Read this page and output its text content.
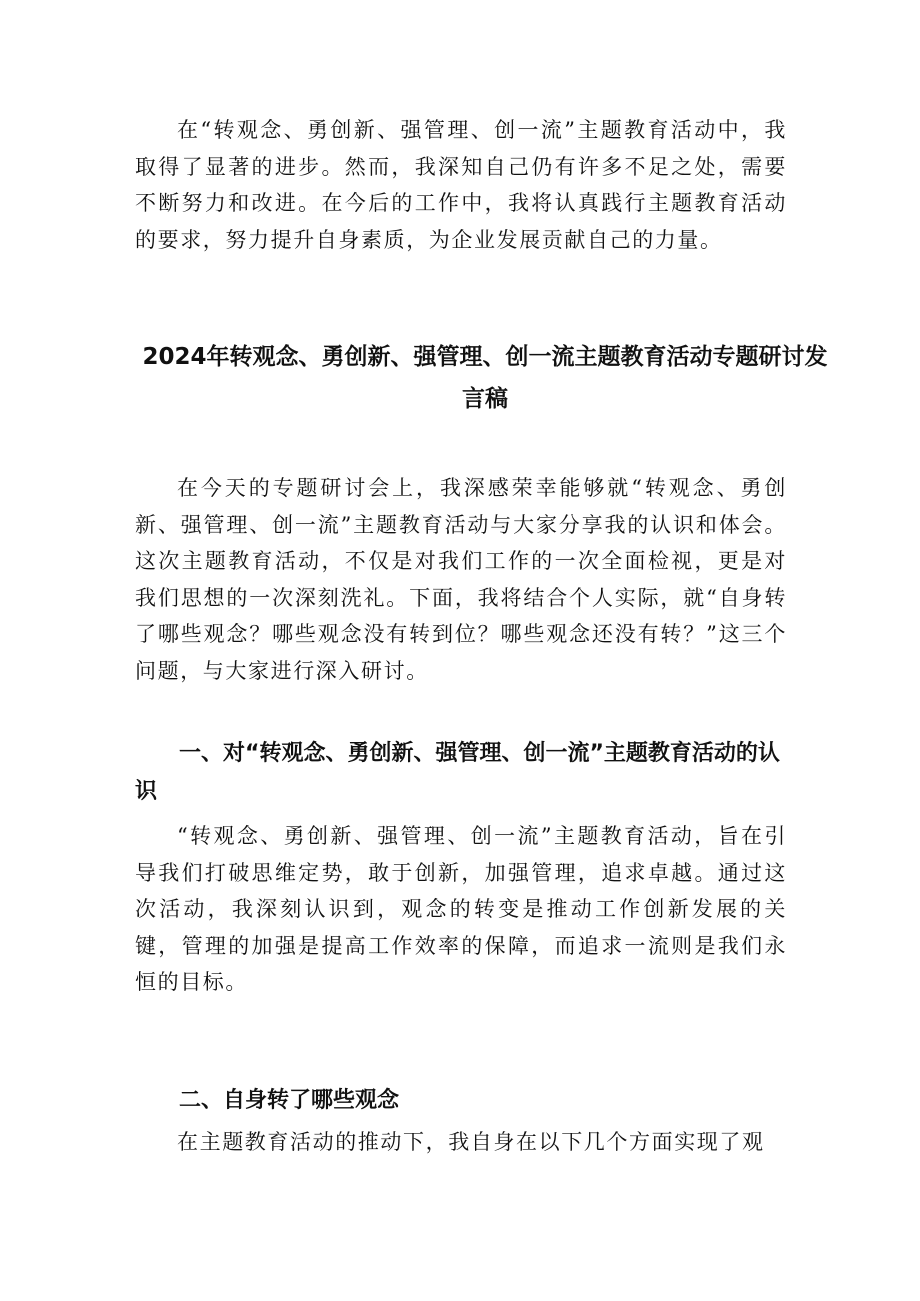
在“转观念、勇创新、强管理、创一流”主题教育活动中，我取得了显著的进步。然而，我深知自己仍有许多不足之处，需要不断努力和改进。在今后的工作中，我将认真践行主题教育活动的要求，努力提升自身素质，为企业发展贡献自己的力量。

2024年转观念、勇创新、强管理、创一流主题教育活动专题研讨发言稿

在今天的专题研讨会上，我深感荣幸能够就“转观念、勇创新、强管理、创一流”主题教育活动与大家分享我的认识和体会。这次主题教育活动，不仅是对我们工作的一次全面检视，更是对我们思想的一次深刻洗礼。下面，我将结合个人实际，就“自身转了哪些观念？哪些观念没有转到位？哪些观念还没有转？”这三个问题，与大家进行深入研讨。

一、对“转观念、勇创新、强管理、创一流”主题教育活动的认识

“转观念、勇创新、强管理、创一流”主题教育活动，旨在引导我们打破思维定势，敢于创新，加强管理，追求卓越。通过这次活动，我深刻认识到，观念的转变是推动工作创新发展的关键，管理的加强是提高工作效率的保障，而追求一流则是我们永恒的目标。

二、自身转了哪些观念

在主题教育活动的推动下，我自身在以下几个方面实现了观
